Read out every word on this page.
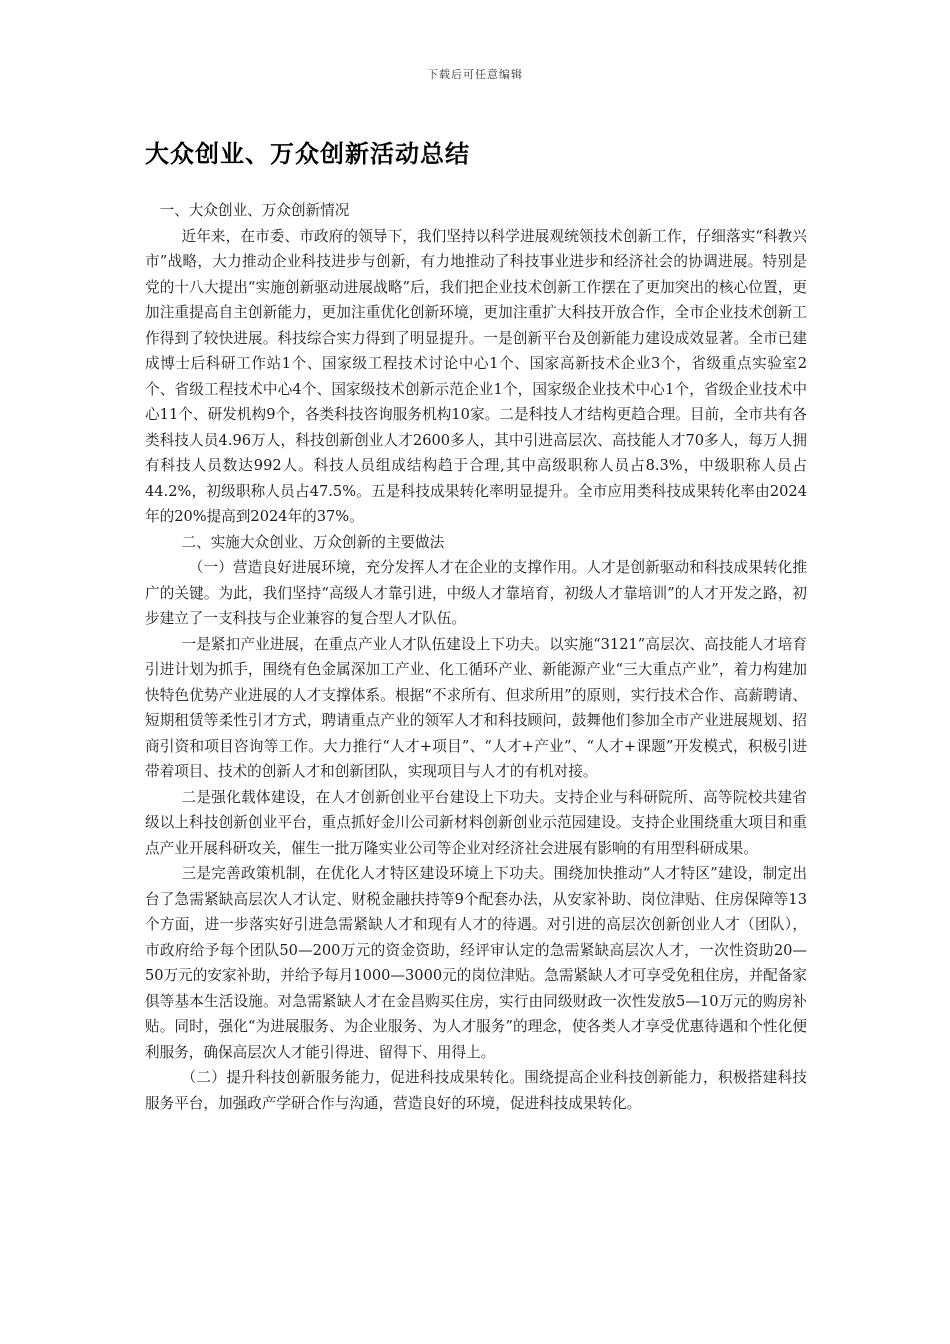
下载后可任意编辑
大众创业、万众创新活动总结

一、大众创业、万众创新情况

近年来，在市委、市政府的领导下，我们坚持以科学进展观统领技术创新工作，仔细落实“科教兴市”战略，大力推动企业科技进步与创新，有力地推动了科技事业进步和经济社会的协调进展。特别是党的十八大提出“实施创新驱动进展战略”后，我们把企业技术创新工作摆在了更加突出的核心位置，更加注重提高自主创新能力，更加注重优化创新环境，更加注重扩大科技开放合作，全市企业技术创新工作得到了较快进展。科技综合实力得到了明显提升。一是创新平台及创新能力建设成效显著。全市已建成博士后科研工作站1个、国家级工程技术讨论中心1个、国家高新技术企业3个，省级重点实验室2个、省级工程技术中心4个、国家级技术创新示范企业1个，国家级企业技术中心1个，省级企业技术中心11个、研发机构9个，各类科技咨询服务机构10家。二是科技人才结构更趋合理。目前，全市共有各类科技人员4.96万人，科技创新创业人才2600多人，其中引进高层次、高技能人才70多人，每万人拥有科技人员数达992人。科技人员组成结构趋于合理,其中高级职称人员占8.3%，中级职称人员占44.2%，初级职称人员占47.5%。五是科技成果转化率明显提升。全市应用类科技成果转化率由2024年的20%提高到2024年的37%。

二、实施大众创业、万众创新的主要做法

（一）营造良好进展环境，充分发挥人才在企业的支撑作用。人才是创新驱动和科技成果转化推广的关键。为此，我们坚持“高级人才靠引进，中级人才靠培育，初级人才靠培训”的人才开发之路，初步建立了一支科技与企业兼容的复合型人才队伍。

一是紧扣产业进展，在重点产业人才队伍建设上下功夫。以实施“3121”高层次、高技能人才培育引进计划为抓手，围绕有色金属深加工产业、化工循环产业、新能源产业“三大重点产业”，着力构建加快特色优势产业进展的人才支撑体系。根据“不求所有、但求所用”的原则，实行技术合作、高薪聘请、短期租赁等柔性引才方式，聘请重点产业的领军人才和科技顾问，鼓舞他们参加全市产业进展规划、招商引资和项目咨询等工作。大力推行“人才+项目”、“人才+产业”、“人才+课题”开发模式，积极引进带着项目、技术的创新人才和创新团队，实现项目与人才的有机对接。

二是强化载体建设，在人才创新创业平台建设上下功夫。支持企业与科研院所、高等院校共建省级以上科技创新创业平台，重点抓好金川公司新材料创新创业示范园建设。支持企业围绕重大项目和重点产业开展科研攻关，催生一批万隆实业公司等企业对经济社会进展有影响的有用型科研成果。

三是完善政策机制，在优化人才特区建设环境上下功夫。围绕加快推动“人才特区”建设，制定出台了急需紧缺高层次人才认定、财税金融扶持等9个配套办法，从安家补助、岗位津贴、住房保障等13个方面，进一步落实好引进急需紧缺人才和现有人才的待遇。对引进的高层次创新创业人才（团队），市政府给予每个团队50—200万元的资金资助，经评审认定的急需紧缺高层次人才，一次性资助20—50万元的安家补助，并给予每月1000—3000元的岗位津贴。急需紧缺人才可享受免租住房，并配备家俱等基本生活设施。对急需紧缺人才在金昌购买住房，实行由同级财政一次性发放5—10万元的购房补贴。同时，强化“为进展服务、为企业服务、为人才服务”的理念，使各类人才享受优惠待遇和个性化便利服务，确保高层次人才能引得进、留得下、用得上。

（二）提升科技创新服务能力，促进科技成果转化。围绕提高企业科技创新能力，积极搭建科技服务平台，加强政产学研合作与沟通，营造良好的环境，促进科技成果转化。
